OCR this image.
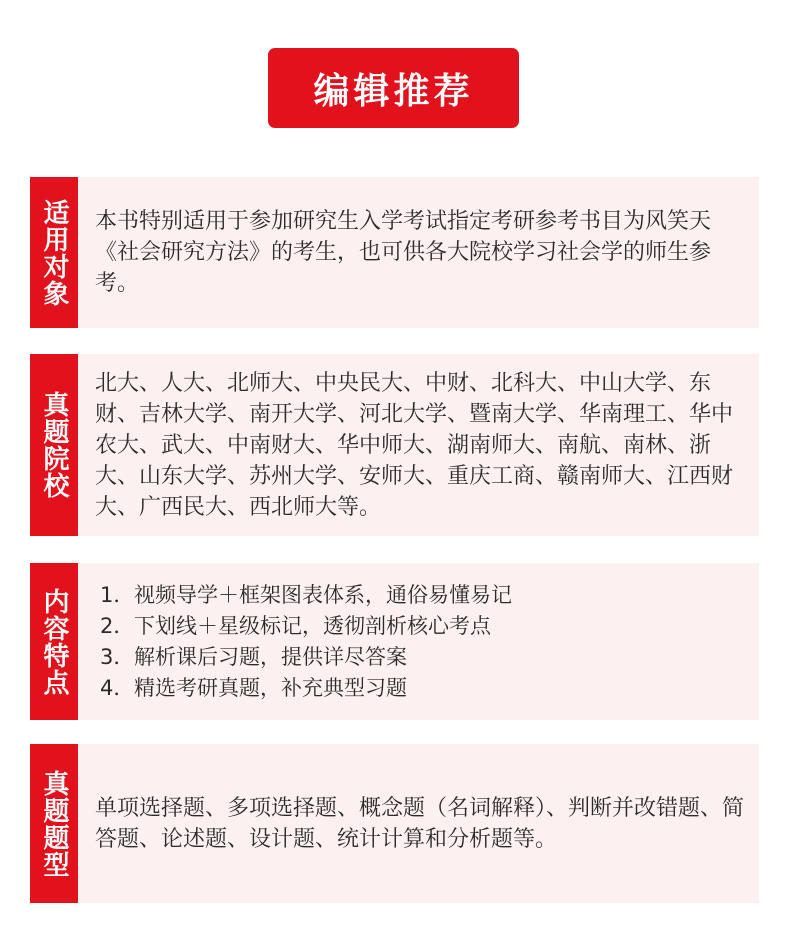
编辑推荐
适用对象 本书特别适用于参加研究生入学考试指定考研参考书目为风笑天《社会研究方法》的考生，也可供各大院校学习社会学的师生参考。
真题院校
北大、人大、北师大、中央民大、中财、北科大、中山大学、东财、吉林大学、南开大学、河北大学、暨南大学、华南理工、华中农大、武大、中南财大、华中师大、湖南师大、南航、南林、浙大、山东大学、苏州大学、安师大、重庆工商、赣南师大、江西财大、广西民大、西北师大等。
内容特点 1．视频导学＋框架图表体系，通俗易懂易记
2．下划线＋星级标记，透彻剖析核心考点
3．解析课后习题，提供详尽答案
4．精选考研真题，补充典型习题
真题题型 单项选择题、多项选择题、概念题（名词解释）、判断并改错题、简答题、论述题、设计题、统计计算和分析题等。
